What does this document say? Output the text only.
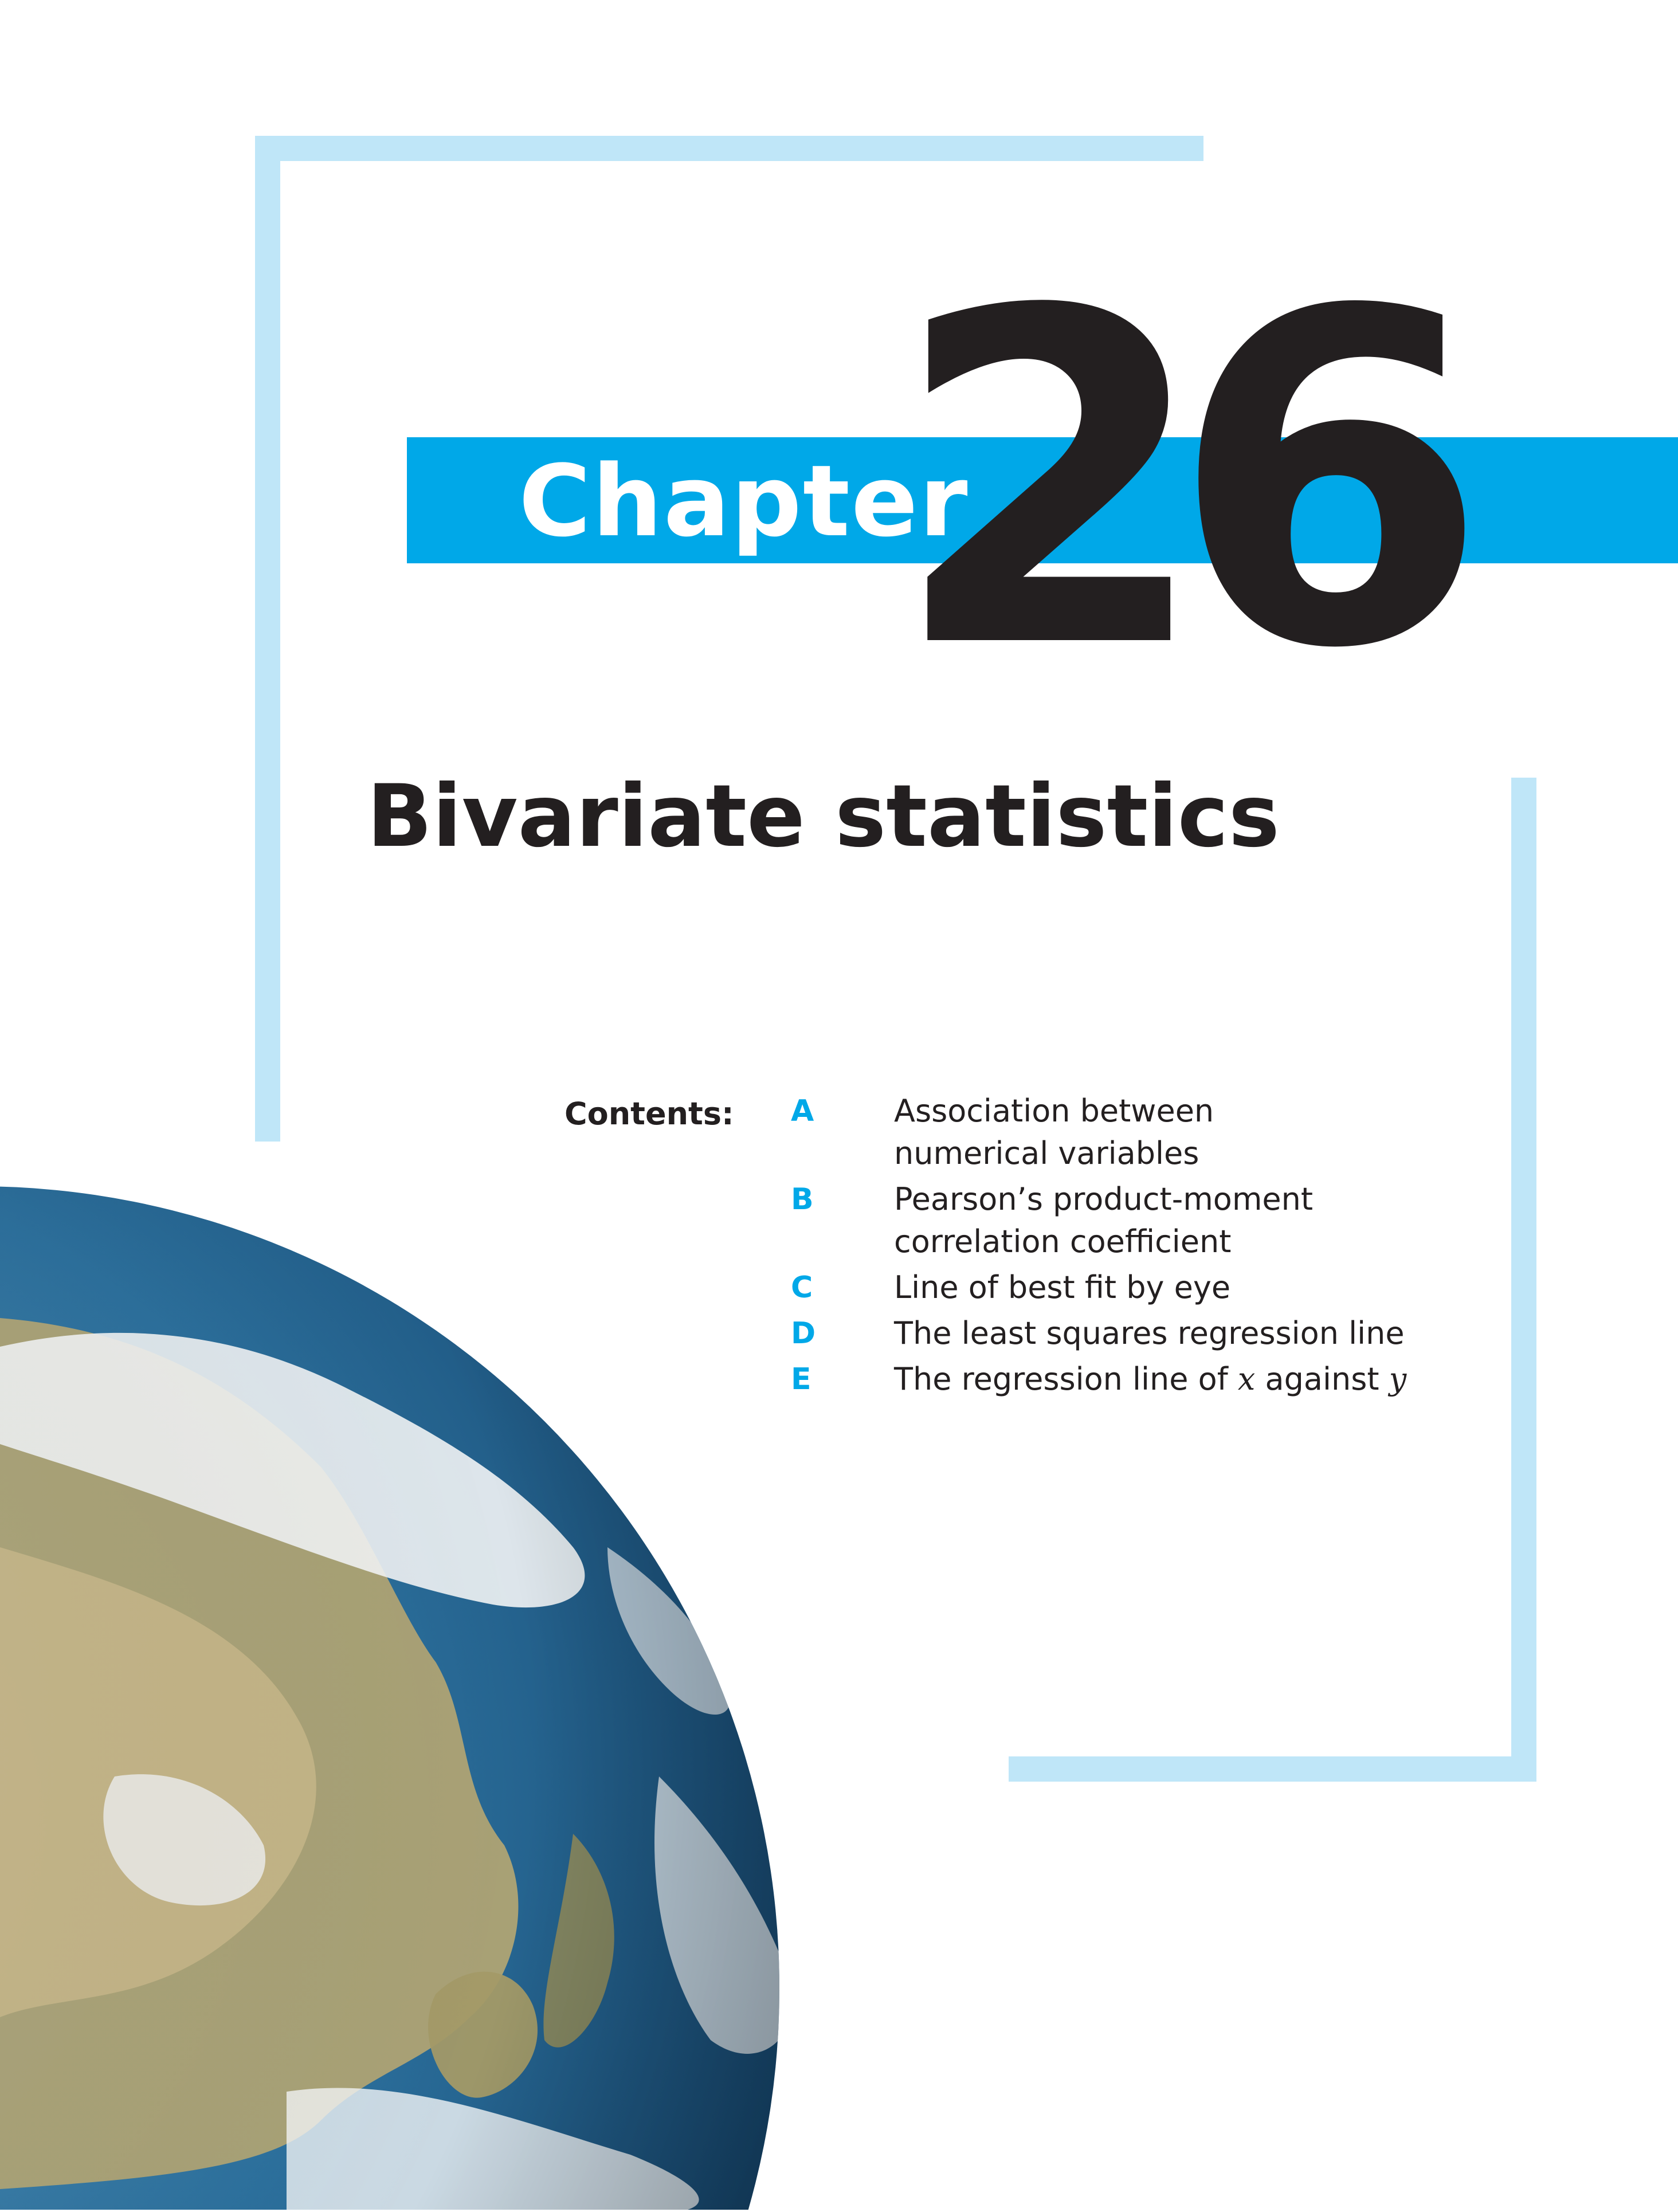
Chapter
26
Bivariate statistics
Contents: A	Association between
numerical variables
B	Pearson’s product-moment
correlation coefficient
C	Line of best fit by eye
D	The least squares regression line
E	The regression line of x against y
